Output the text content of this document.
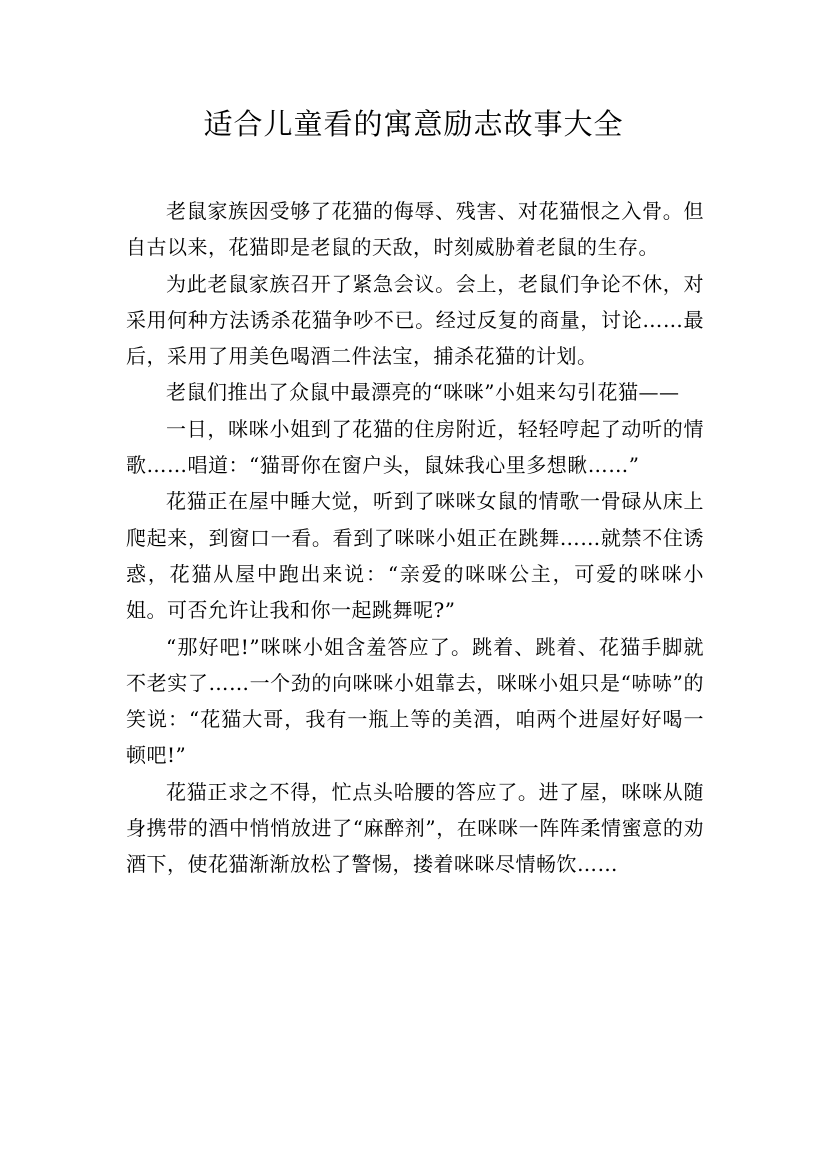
适合儿童看的寓意励志故事大全

老鼠家族因受够了花猫的侮辱、残害、对花猫恨之入骨。但自古以来，花猫即是老鼠的天敌，时刻威胁着老鼠的生存。

为此老鼠家族召开了紧急会议。会上，老鼠们争论不休，对采用何种方法诱杀花猫争吵不已。经过反复的商量，讨论……最后，采用了用美色喝酒二件法宝，捕杀花猫的计划。

老鼠们推出了众鼠中最漂亮的“咪咪”小姐来勾引花猫——

一日，咪咪小姐到了花猫的住房附近，轻轻哼起了动听的情歌……唱道：“猫哥你在窗户头，鼠妹我心里多想瞅……”

花猫正在屋中睡大觉，听到了咪咪女鼠的情歌一骨碌从床上爬起来，到窗口一看。看到了咪咪小姐正在跳舞……就禁不住诱惑，花猫从屋中跑出来说：“亲爱的咪咪公主，可爱的咪咪小姐。可否允许让我和你一起跳舞呢?”

“那好吧!”咪咪小姐含羞答应了。跳着、跳着、花猫手脚就不老实了……一个劲的向咪咪小姐靠去，咪咪小姐只是“哧哧”的笑说：“花猫大哥，我有一瓶上等的美酒，咱两个进屋好好喝一顿吧!”

花猫正求之不得，忙点头哈腰的答应了。进了屋，咪咪从随身携带的酒中悄悄放进了“麻醉剂”，在咪咪一阵阵柔情蜜意的劝酒下，使花猫渐渐放松了警惕，搂着咪咪尽情畅饮……
